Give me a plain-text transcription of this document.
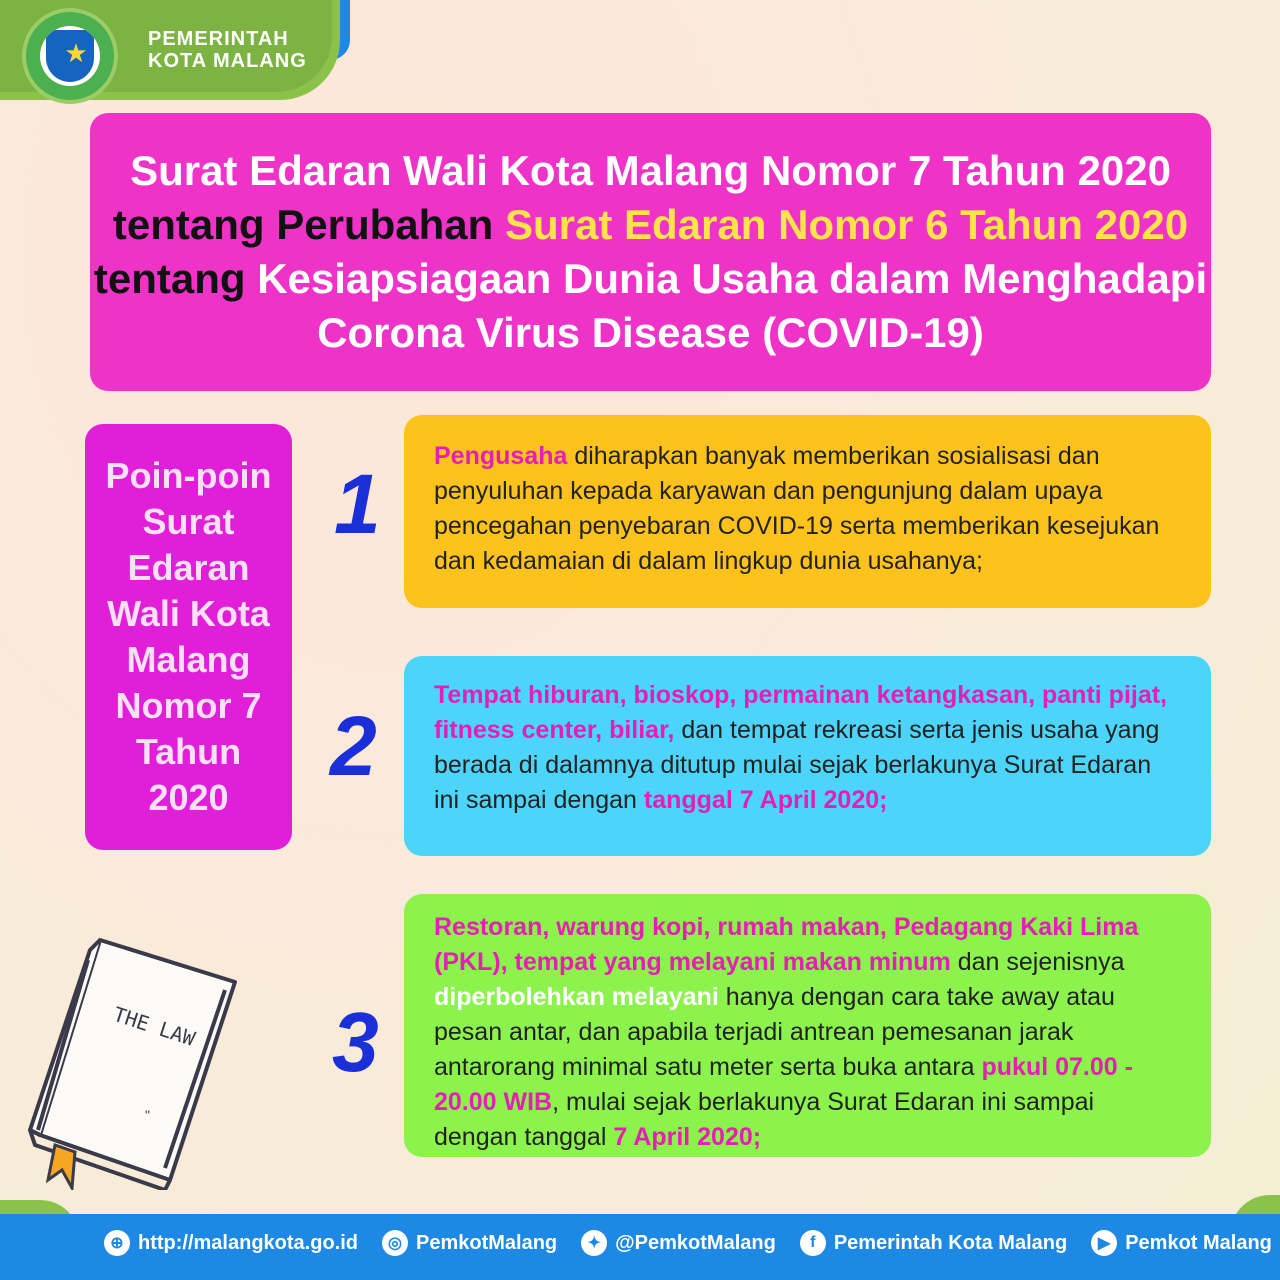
★	PEMERINTAH
KOTA MALANG
Surat Edaran Wali Kota Malang Nomor 7 Tahun 2020
tentang Perubahan Surat Edaran Nomor 6 Tahun 2020
tentang Kesiapsiagaan Dunia Usaha dalam Menghadapi
Corona Virus Disease (COVID-19)
Poin-poin Surat Edaran Wali Kota Malang Nomor 7 Tahun 2020
1
2
3
Pengusaha diharapkan banyak memberikan sosialisasi dan penyuluhan kepada karyawan dan pengunjung dalam upaya pencegahan penyebaran COVID-19 serta memberikan kesejukan dan kedamaian di dalam lingkup dunia usahanya;
Tempat hiburan, bioskop, permainan ketangkasan, panti pijat, fitness center, biliar, dan tempat rekreasi serta jenis usaha yang berada di dalamnya ditutup mulai sejak berlakunya Surat Edaran ini sampai dengan tanggal 7 April 2020;
Restoran, warung kopi, rumah makan, Pedagang Kaki Lima (PKL), tempat yang melayani makan minum dan sejenisnya diperbolehkan melayani hanya dengan cara take away atau pesan antar, dan apabila terjadi antrean pemesanan jarak antarorang minimal satu meter serta buka antara pukul 07.00 - 20.00 WIB, mulai sejak berlakunya Surat Edaran ini sampai dengan tanggal 7 April 2020;
THE LAW
"
⊕ http://malangkota.go.id	◎ PemkotMalang	✦ @PemkotMalang	f Pemerintah Kota Malang	▶ Pemkot Malang
